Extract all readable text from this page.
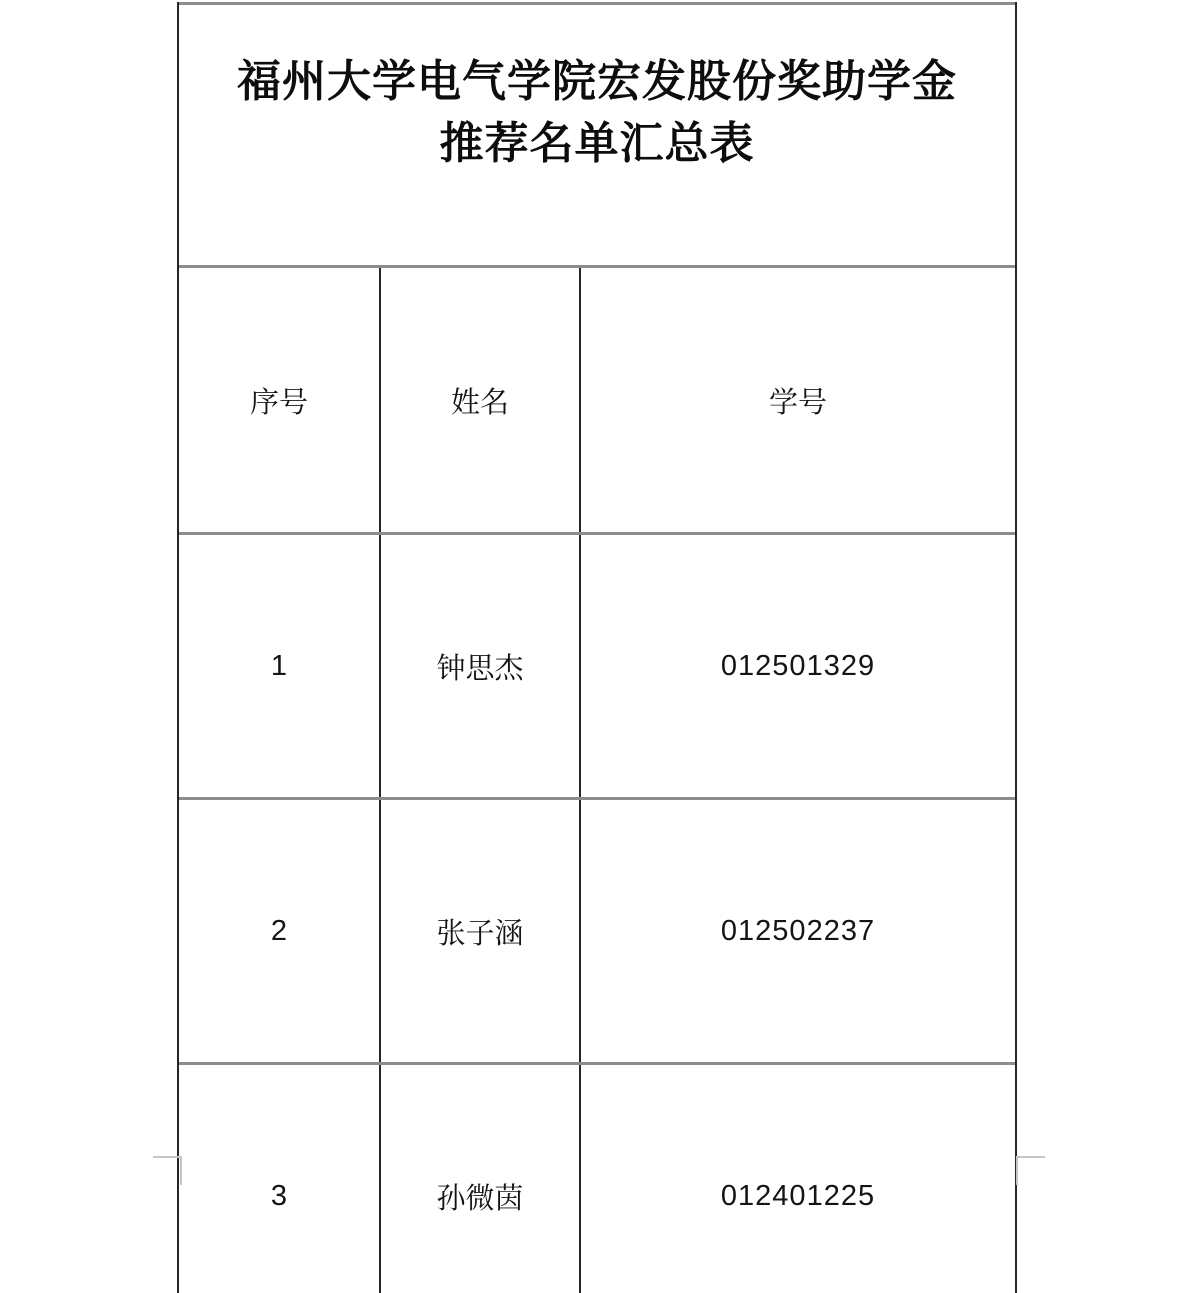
福州大学电气学院宏发股份奖助学金
推荐名单汇总表
序号	姓名	学号
1	钟思杰	012501329
2	张子涵	012502237
3	孙微茵	012401225
